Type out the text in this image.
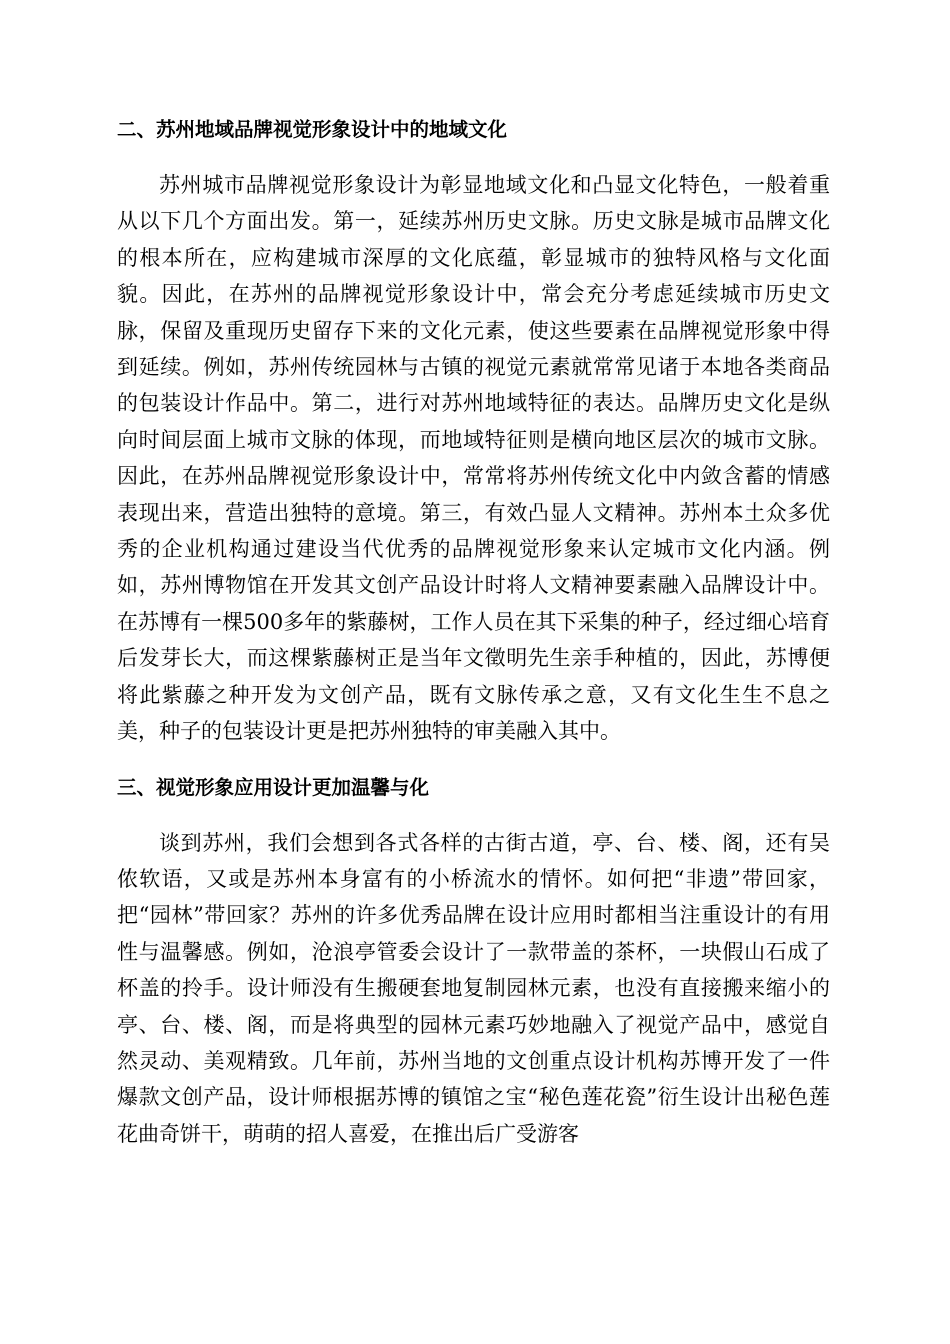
二、苏州地域品牌视觉形象设计中的地域文化

苏州城市品牌视觉形象设计为彰显地域文化和凸显文化特色，一般着重从以下几个方面出发。第一，延续苏州历史文脉。历史文脉是城市品牌文化的根本所在，应构建城市深厚的文化底蕴，彰显城市的独特风格与文化面貌。因此，在苏州的品牌视觉形象设计中，常会充分考虑延续城市历史文脉，保留及重现历史留存下来的文化元素，使这些要素在品牌视觉形象中得到延续。例如，苏州传统园林与古镇的视觉元素就常常见诸于本地各类商品的包装设计作品中。第二，进行对苏州地域特征的表达。品牌历史文化是纵向时间层面上城市文脉的体现，而地域特征则是横向地区层次的城市文脉。因此，在苏州品牌视觉形象设计中，常常将苏州传统文化中内敛含蓄的情感表现出来，营造出独特的意境。第三，有效凸显人文精神。苏州本土众多优秀的企业机构通过建设当代优秀的品牌视觉形象来认定城市文化内涵。例如，苏州博物馆在开发其文创产品设计时将人文精神要素融入品牌设计中。在苏博有一棵500多年的紫藤树，工作人员在其下采集的种子，经过细心培育后发芽长大，而这棵紫藤树正是当年文徵明先生亲手种植的，因此，苏博便将此紫藤之种开发为文创产品，既有文脉传承之意，又有文化生生不息之美，种子的包装设计更是把苏州独特的审美融入其中。

三、视觉形象应用设计更加温馨与化

谈到苏州，我们会想到各式各样的古街古道，亭、台、楼、阁，还有吴侬软语，又或是苏州本身富有的小桥流水的情怀。如何把“非遗”带回家，把“园林”带回家？苏州的许多优秀品牌在设计应用时都相当注重设计的有用性与温馨感。例如，沧浪亭管委会设计了一款带盖的茶杯，一块假山石成了杯盖的拎手。设计师没有生搬硬套地复制园林元素，也没有直接搬来缩小的亭、台、楼、阁，而是将典型的园林元素巧妙地融入了视觉产品中，感觉自然灵动、美观精致。几年前，苏州当地的文创重点设计机构苏博开发了一件爆款文创产品，设计师根据苏博的镇馆之宝“秘色莲花瓷”衍生设计出秘色莲花曲奇饼干，萌萌的招人喜爱，在推出后广受游客
